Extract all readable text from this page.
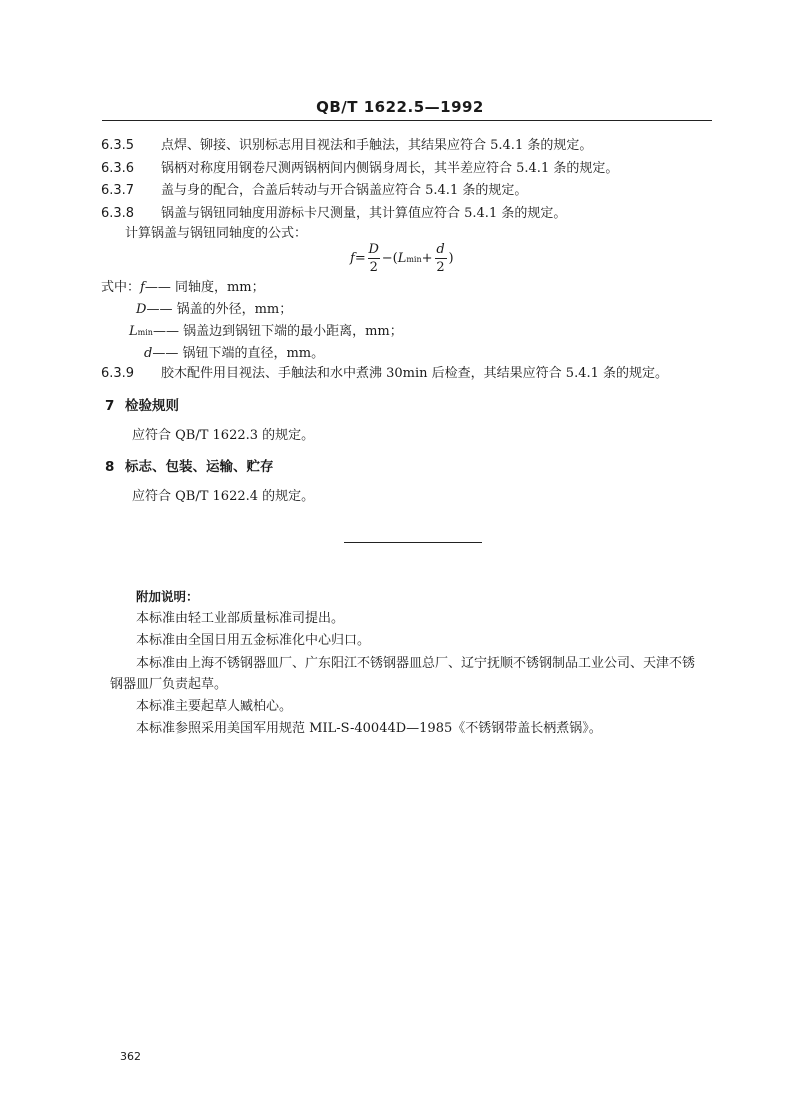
QB/T 1622.5—1992
6.3.5 点焊、铆接、识别标志用目视法和手触法，其结果应符合 5.4.1 条的规定。
6.3.6 锅柄对称度用钢卷尺测两锅柄间内侧锅身周长，其半差应符合 5.4.1 条的规定。
6.3.7 盖与身的配合，合盖后转动与开合锅盖应符合 5.4.1 条的规定。
6.3.8 锅盖与锅钮同轴度用游标卡尺测量，其计算值应符合 5.4.1 条的规定。
计算锅盖与锅钮同轴度的公式：
$f= \frac{D}{2} -(Lmin+ \frac{d}{2}$ )
式中：f—— 同轴度，mm；
D—— 锅盖的外径，mm；
Lmin—— 锅盖边到锅钮下端的最小距离，mm；
d—— 锅钮下端的直径，mm。
6.3.9 胶木配件用目视法、手触法和水中煮沸 30min 后检查，其结果应符合 5.4.1 条的规定。
7 检验规则
应符合 QB/T 1622.3 的规定。
8 标志、包装、运输、贮存
应符合 QB/T 1622.4 的规定。
附加说明：
本标准由轻工业部质量标准司提出。
本标准由全国日用五金标准化中心归口。
本标准由上海不锈钢器皿厂、广东阳江不锈钢器皿总厂、辽宁抚顺不锈钢制品工业公司、天津不锈
钢器皿厂负责起草。
本标准主要起草人臧柏心。
本标准参照采用美国军用规范 MIL-S-40044D—1985《不锈钢带盖长柄煮锅》。
362
